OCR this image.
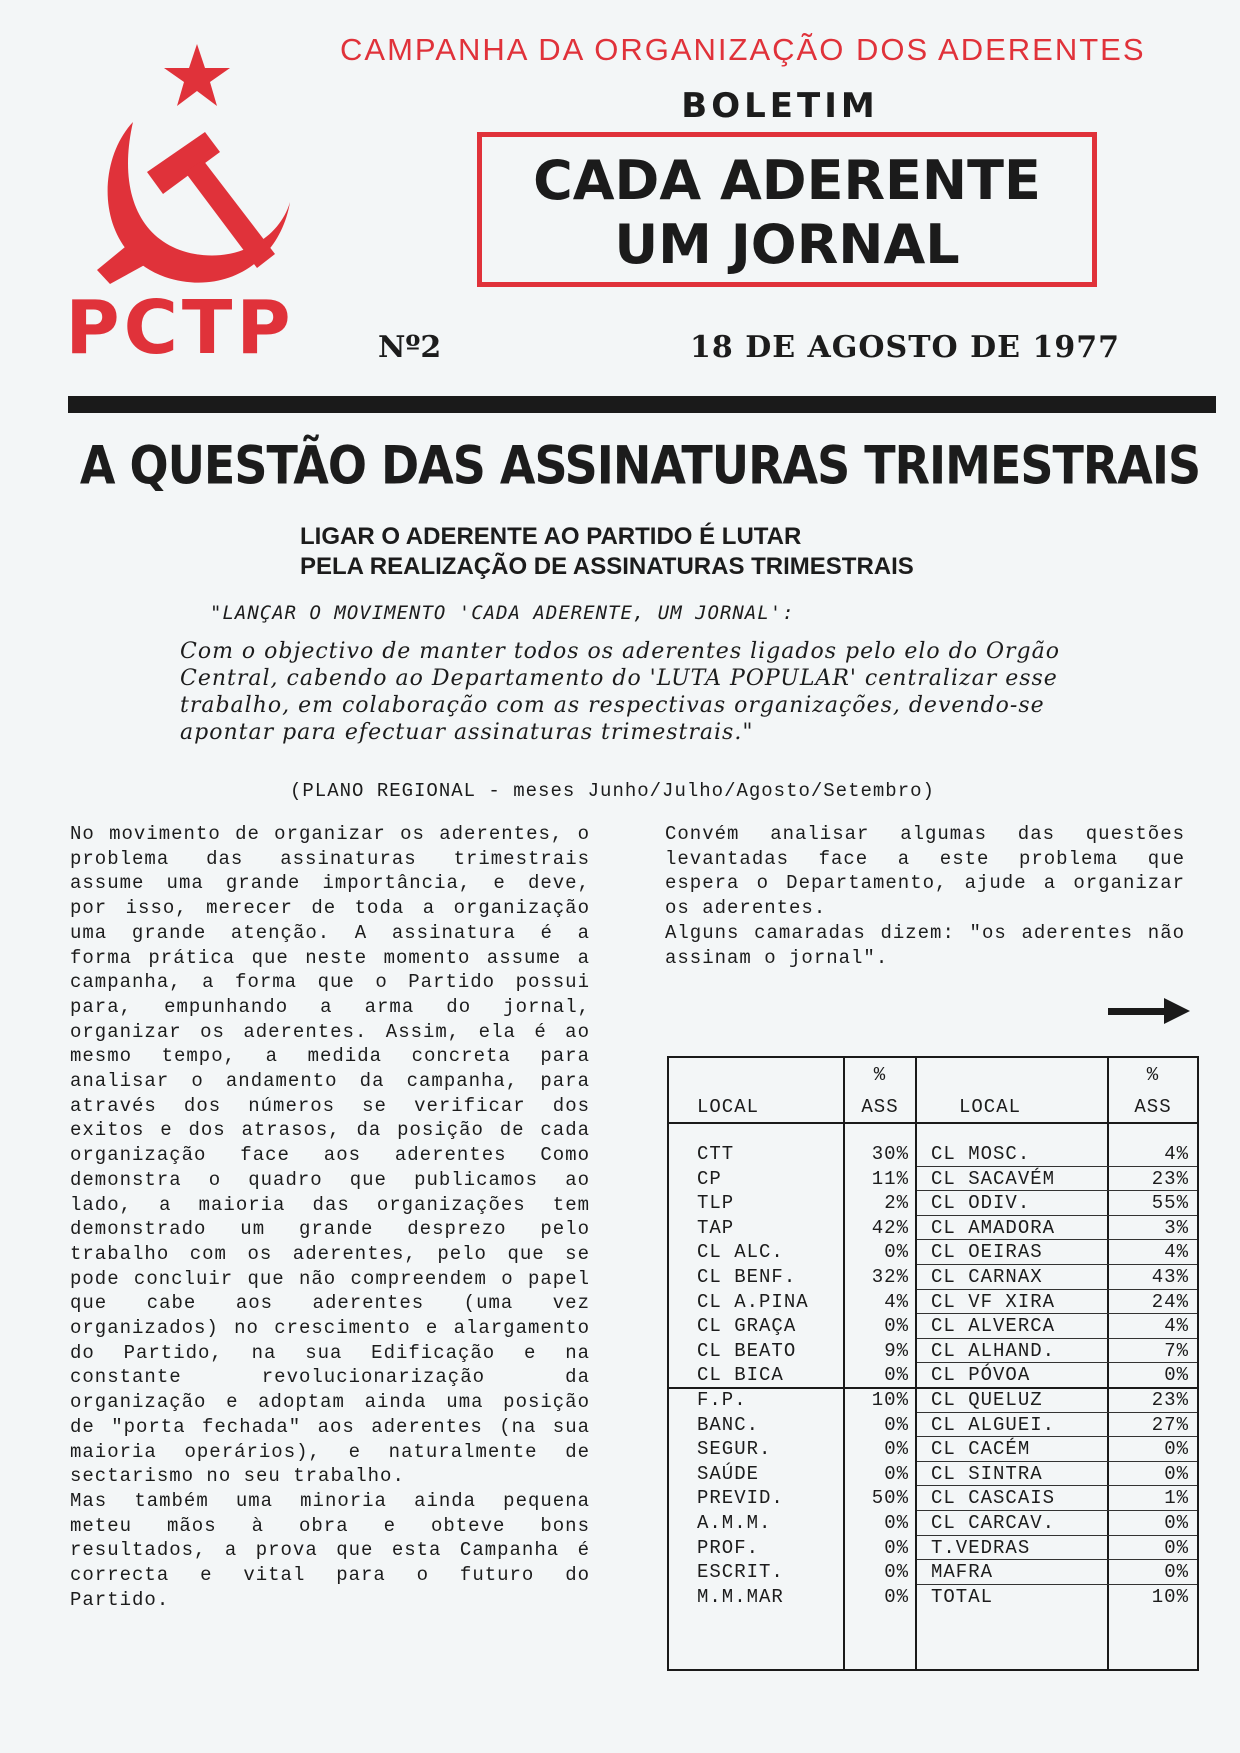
PCTP
CAMPANHA DA ORGANIZAÇÃO DOS ADERENTES
BOLETIM
CADA ADERENTE
UM JORNAL
Nº2	18 DE AGOSTO DE 1977
A QUESTÃO DAS ASSINATURAS TRIMESTRAIS
LIGAR O ADERENTE AO PARTIDO É LUTAR
PELA REALIZAÇÃO DE ASSINATURAS TRIMESTRAIS
"LANÇAR O MOVIMENTO 'CADA ADERENTE, UM JORNAL':
Com o objectivo de manter todos os aderentes ligados pelo elo do Orgão Central, cabendo ao Departamento do 'LUTA POPULAR' centralizar esse trabalho, em colaboração com as respectivas organizações, devendo-se apontar para efectuar assinaturas trimestrais."
(PLANO REGIONAL - meses Junho/Julho/Agosto/Setembro)

No movimento de organizar os aderentes, o problema das assinaturas trimestrais assume uma grande importância, e deve, por isso, merecer de toda a organização uma grande atenção. A assinatura é a forma prática que neste momento assume a campanha, a forma que o Partido possui para, empunhando a arma do jornal, organizar os aderentes. Assim, ela é ao mesmo tempo, a medida concreta para analisar o andamento da campanha, para através dos números se verificar dos exitos e dos atrasos, da posição de cada organização face aos aderentes Como demonstra o quadro que publicamos ao lado, a maioria das organizações tem demonstrado um grande desprezo pelo trabalho com os aderentes, pelo que se pode concluir que não compreendem o papel que cabe aos aderentes (uma vez organizados) no crescimento e alargamento do Partido, na sua Edificação e na constante revolucionarização da organização e adoptam ainda uma posição de "porta fechada" aos aderentes (na sua maioria operários), e naturalmente de sectarismo no seu trabalho.

Mas também uma minoria ainda pequena meteu mãos à obra e obteve bons resultados, a prova que esta Campanha é correcta e vital para o futuro do Partido.

Convém analisar algumas das questões levantadas face a este problema que espera o Departamento, ajude a organizar os aderentes.

Alguns camaradas dizem: "os aderentes não assinam o jornal".

LOCAL
%
ASS	LOCAL
%
ASS
CTT	30% CL MOSC.	4%
CP	11% CL SACAVÉM	23%
TLP	2% CL ODIV.	55%
TAP	42% CL AMADORA	3%
CL ALC.	0% CL OEIRAS	4%
CL BENF.	32% CL CARNAX	43%
CL A.PINA	4% CL VF XIRA	24%
CL GRAÇA	0% CL ALVERCA	4%
CL BEATO	9% CL ALHAND.	7%
CL BICA	0% CL PÓVOA	0%
F.P.	10% CL QUELUZ	23%
BANC.	0% CL ALGUEI.	27%
SEGUR.	0% CL CACÉM	0%
SAÚDE	0% CL SINTRA	0%
PREVID.	50% CL CASCAIS	1%
A.M.M.	0% CL CARCAV.	0%
PROF.	0% T.VEDRAS	0%
ESCRIT.	0% MAFRA	0%
M.M.MAR	0% TOTAL	10%
